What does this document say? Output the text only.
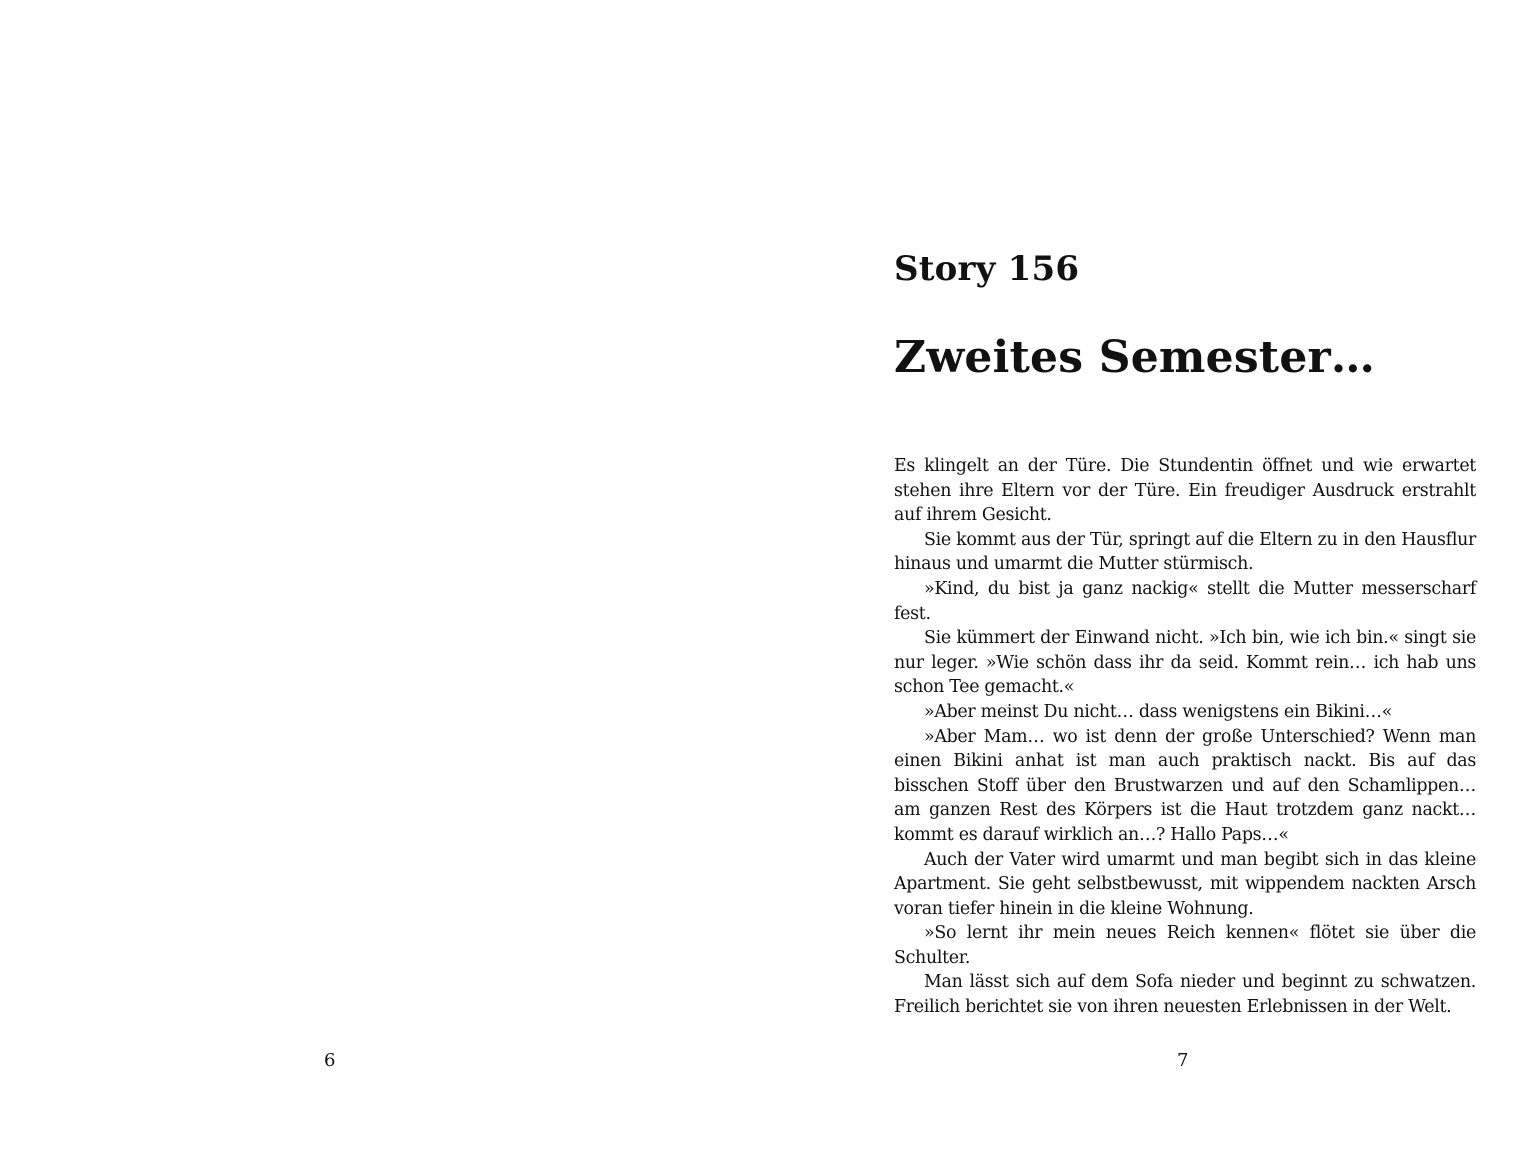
6

Story 156
Zweites Semester…

Es klingelt an der Türe. Die Stundentin öffnet und wie erwartet stehen ihre Eltern vor der Türe. Ein freudiger Ausdruck erstrahlt auf ihrem Gesicht.

Sie kommt aus der Tür, springt auf die Eltern zu in den Hausflur hinaus und umarmt die Mutter stürmisch.

»Kind, du bist ja ganz nackig« stellt die Mutter messerscharf fest.

Sie kümmert der Einwand nicht. »Ich bin, wie ich bin.« singt sie nur leger. »Wie schön dass ihr da seid. Kommt rein… ich hab uns schon Tee gemacht.«

»Aber meinst Du nicht… dass wenigstens ein Bikini…«

»Aber Mam… wo ist denn der große Unterschied? Wenn man einen Bikini anhat ist man auch praktisch nackt. Bis auf das bisschen Stoff über den Brustwarzen und auf den Schamlippen… am ganzen Rest des Körpers ist die Haut trotzdem ganz nackt… kommt es darauf wirklich an…? Hallo Paps…«

Auch der Vater wird umarmt und man begibt sich in das kleine Apartment. Sie geht selbstbewusst, mit wippendem nackten Arsch voran tiefer hinein in die kleine Wohnung.

»So lernt ihr mein neues Reich kennen« flötet sie über die Schulter.

Man lässt sich auf dem Sofa nieder und beginnt zu schwatzen. Freilich berichtet sie von ihren neuesten Erlebnissen in der Welt.

7
